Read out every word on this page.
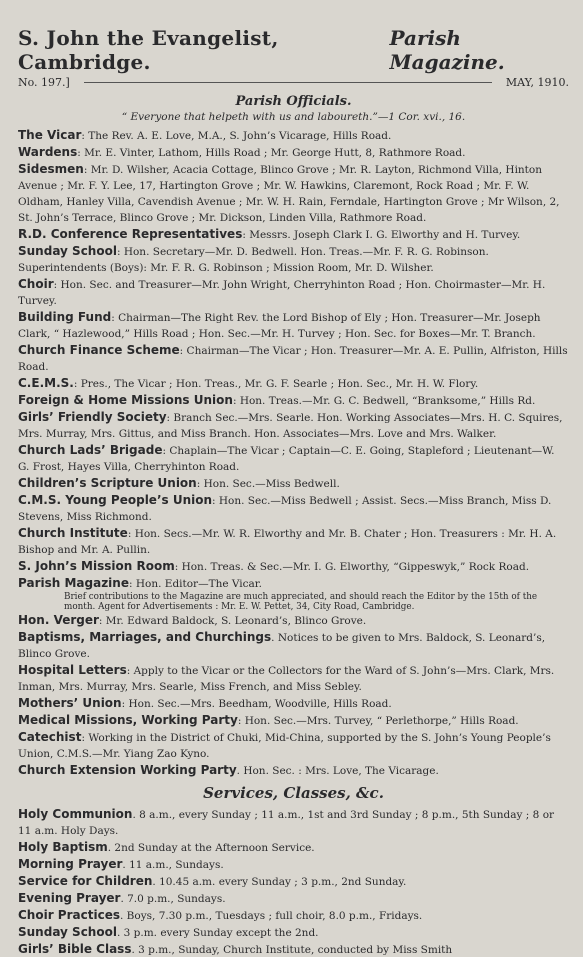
S. John the Evangelist, Cambridge.
Parish Magazine.
No. 197.]	MAY, 1910.
Parish Officials.
“ Everyone that helpeth with us and laboureth.”—1 Cor. xvi., 16.

The Vicar: The Rev. A. E. Love, M.A., S. John’s Vicarage, Hills Road.

Wardens: Mr. E. Vinter, Lathom, Hills Road ; Mr. George Hutt, 8, Rathmore Road.

Sidesmen: Mr. D. Wilsher, Acacia Cottage, Blinco Grove ; Mr. R. Layton, Richmond Villa, Hinton Avenue ; Mr. F. Y. Lee, 17, Hartington Grove ; Mr. W. Hawkins, Claremont, Rock Road ; Mr. F. W. Oldham, Hanley Villa, Cavendish Avenue ; Mr. W. H. Rain, Ferndale, Hartington Grove ; Mr Wilson, 2, St. John’s Terrace, Blinco Grove ; Mr. Dickson, Linden Villa, Rathmore Road.

R.D. Conference Representatives: Messrs. Joseph Clark I. G. Elworthy and H. Turvey.

Sunday School: Hon. Secretary—Mr. D. Bedwell. Hon. Treas.—Mr. F. R. G. Robinson. Superintendents (Boys): Mr. F. R. G. Robinson ; Mission Room, Mr. D. Wilsher.

Choir: Hon. Sec. and Treasurer—Mr. John Wright, Cherryhinton Road ; Hon. Choirmaster—Mr. H. Turvey.

Building Fund: Chairman—The Right Rev. the Lord Bishop of Ely ; Hon. Treasurer—Mr. Joseph Clark, “ Hazlewood,” Hills Road ; Hon. Sec.—Mr. H. Turvey ; Hon. Sec. for Boxes—Mr. T. Branch.

Church Finance Scheme: Chairman—The Vicar ; Hon. Treasurer—Mr. A. E. Pullin, Alfriston, Hills Road.

C.E.M.S.: Pres., The Vicar ; Hon. Treas., Mr. G. F. Searle ; Hon. Sec., Mr. H. W. Flory.

Foreign & Home Missions Union: Hon. Treas.—Mr. G. C. Bedwell, “Branksome,” Hills Rd.

Girls’ Friendly Society: Branch Sec.—Mrs. Searle. Hon. Working Associates—Mrs. H. C. Squires, Mrs. Murray, Mrs. Gittus, and Miss Branch. Hon. Associates—Mrs. Love and Mrs. Walker.

Church Lads’ Brigade: Chaplain—The Vicar ; Captain—C. E. Going, Stapleford ; Lieutenant—W. G. Frost, Hayes Villa, Cherryhinton Road.

Children’s Scripture Union: Hon. Sec.—Miss Bedwell.

C.M.S. Young People’s Union: Hon. Sec.—Miss Bedwell ; Assist. Secs.—Miss Branch, Miss D. Stevens, Miss Richmond.

Church Institute: Hon. Secs.—Mr. W. R. Elworthy and Mr. B. Chater ; Hon. Treasurers : Mr. H. A. Bishop and Mr. A. Pullin.

S. John’s Mission Room: Hon. Treas. & Sec.—Mr. I. G. Elworthy, “Gippeswyk,” Rock Road.

Parish Magazine: Hon. Editor—The Vicar.

Brief contributions to the Magazine are much appreciated, and should reach the Editor by the 15th of the month. Agent for Advertisements : Mr. E. W. Pettet, 34, City Road, Cambridge.

Hon. Verger: Mr. Edward Baldock, S. Leonard’s, Blinco Grove.

Baptisms, Marriages, and Churchings. Notices to be given to Mrs. Baldock, S. Leonard’s, Blinco Grove.

Hospital Letters: Apply to the Vicar or the Collectors for the Ward of S. John’s—Mrs. Clark, Mrs. Inman, Mrs. Murray, Mrs. Searle, Miss French, and Miss Sebley.

Mothers’ Union: Hon. Sec.—Mrs. Beedham, Woodville, Hills Road.

Medical Missions, Working Party: Hon. Sec.—Mrs. Turvey, “ Perlethorpe,” Hills Road.

Catechist: Working in the District of Chuki, Mid-China, supported by the S. John’s Young People’s Union, C.M.S.—Mr. Yiang Zao Kyno.

Church Extension Working Party. Hon. Sec. : Mrs. Love, The Vicarage.

Services, Classes, &c.

Holy Communion. 8 a.m., every Sunday ; 11 a.m., 1st and 3rd Sunday ; 8 p.m., 5th Sunday ; 8 or 11 a.m. Holy Days.

Holy Baptism. 2nd Sunday at the Afternoon Service.

Morning Prayer. 11 a.m., Sundays.

Service for Children. 10.45 a.m. every Sunday ; 3 p.m., 2nd Sunday.

Evening Prayer. 7.0 p.m., Sundays.

Choir Practices. Boys, 7.30 p.m., Tuesdays ; full choir, 8.0 p.m., Fridays.

Sunday School. 3 p.m. every Sunday except the 2nd.

Girls’ Bible Class. 3 p.m., Sunday, Church Institute, conducted by Miss Smith
